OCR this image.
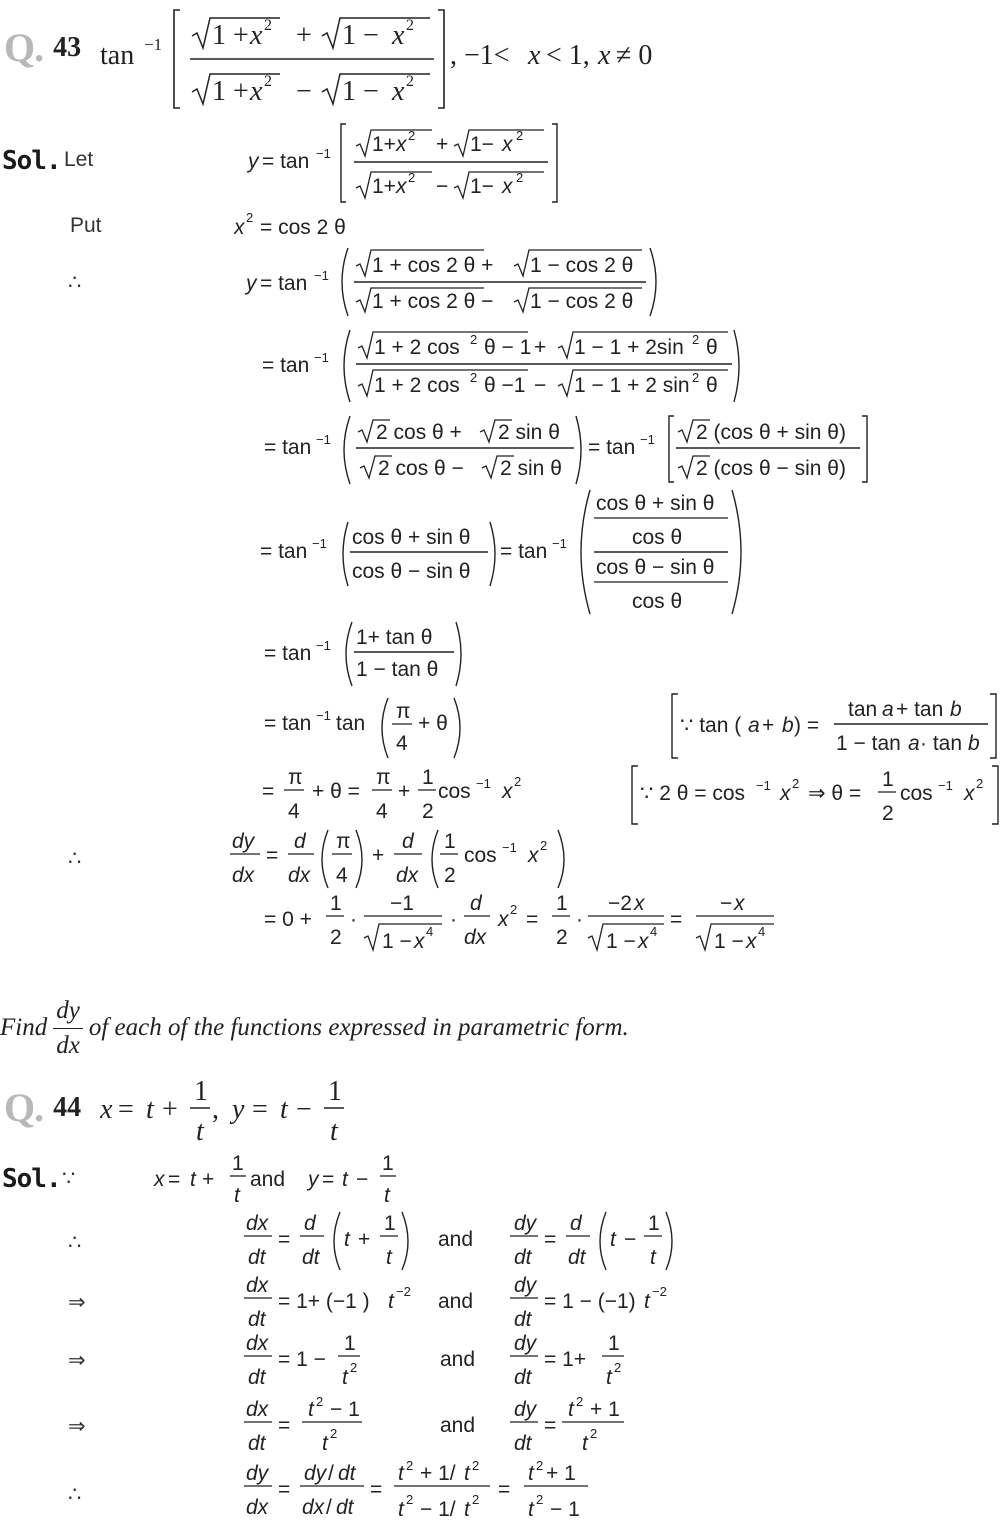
Q. 43 tan −1 1 + x 2 + 1 − x 2
1 + x 2 − 1 − x 2
, −1< x < 1, x ≠ 0
Sol. Let	y = tan −1 1+ x 2 + 1− x 2
1+ x 2 − 1− x 2
Put	x 2 = cos 2 θ
∴	y = tan −1 1 + cos 2 θ + 1 − cos 2 θ
1 + cos 2 θ − 1 − cos 2 θ
= tan −1 1 + 2 cos 2 θ − 1 + 1 − 1 + 2sin 2 θ
1 + 2 cos 2 θ −1 − 1 − 1 + 2 sin 2 θ
= tan −1 2 cos θ + 2 sin θ
2 cos θ − 2 sin θ
= tan −1 2 (cos θ + sin θ)
2 (cos θ − sin θ)
= tan −1 cos θ + sin θ
cos θ − sin θ
= tan −1
cos θ + sin θ
cos θ
cos θ − sin θ
cos θ
= tan −1 1+ tan θ
1 − tan θ
= tan −1 tan
π
4
+ θ	∵ tan ( a + b ) =
tan a + tan b
1 − tan a · tan b
=
π
4
+ θ =
π
4
+
1
2
cos −1 x 2
∵ 2 θ = cos −1 x 2 ⇒ θ =
1
2
cos −1 x 2
∴
dy
dx
=
d
dx
π
4
+
d
dx
1
2
cos −1 x 2
= 0 +
1
2
·
−1
1 − x 4
·
d
dx
x 2 =
1
2
·
−2 x
1 − x 4
=
− x
1 − x 4
Find $\frac{dy}{dx}$ of each of the functions expressed in parametric form.
Q. 44 x = t +
1
t
, y = t −
1
t
Sol. ∵	x = t +
1
t
and y = t −
1
t
∴
dx
dt
=
d
dt
t +
1
t
and
dy
dt
=
d
dt
t −
1
t
⇒
dx
dt
= 1+ (−1 ) t −2 and
dy
dt
= 1 − (−1) t −2
⇒
dx
dt
= 1 −
1
t 2	and
dy
dt
= 1+
1
t 2
⇒
dx
dt
=
t 2 − 1
t 2	and
dy
dt
=
t 2 + 1
t 2
∴
dy
dx
=
dy / dt
dx / dt
=
t 2 + 1/ t 2
t 2 − 1/ t 2 =
t 2 + 1
t 2 − 1
